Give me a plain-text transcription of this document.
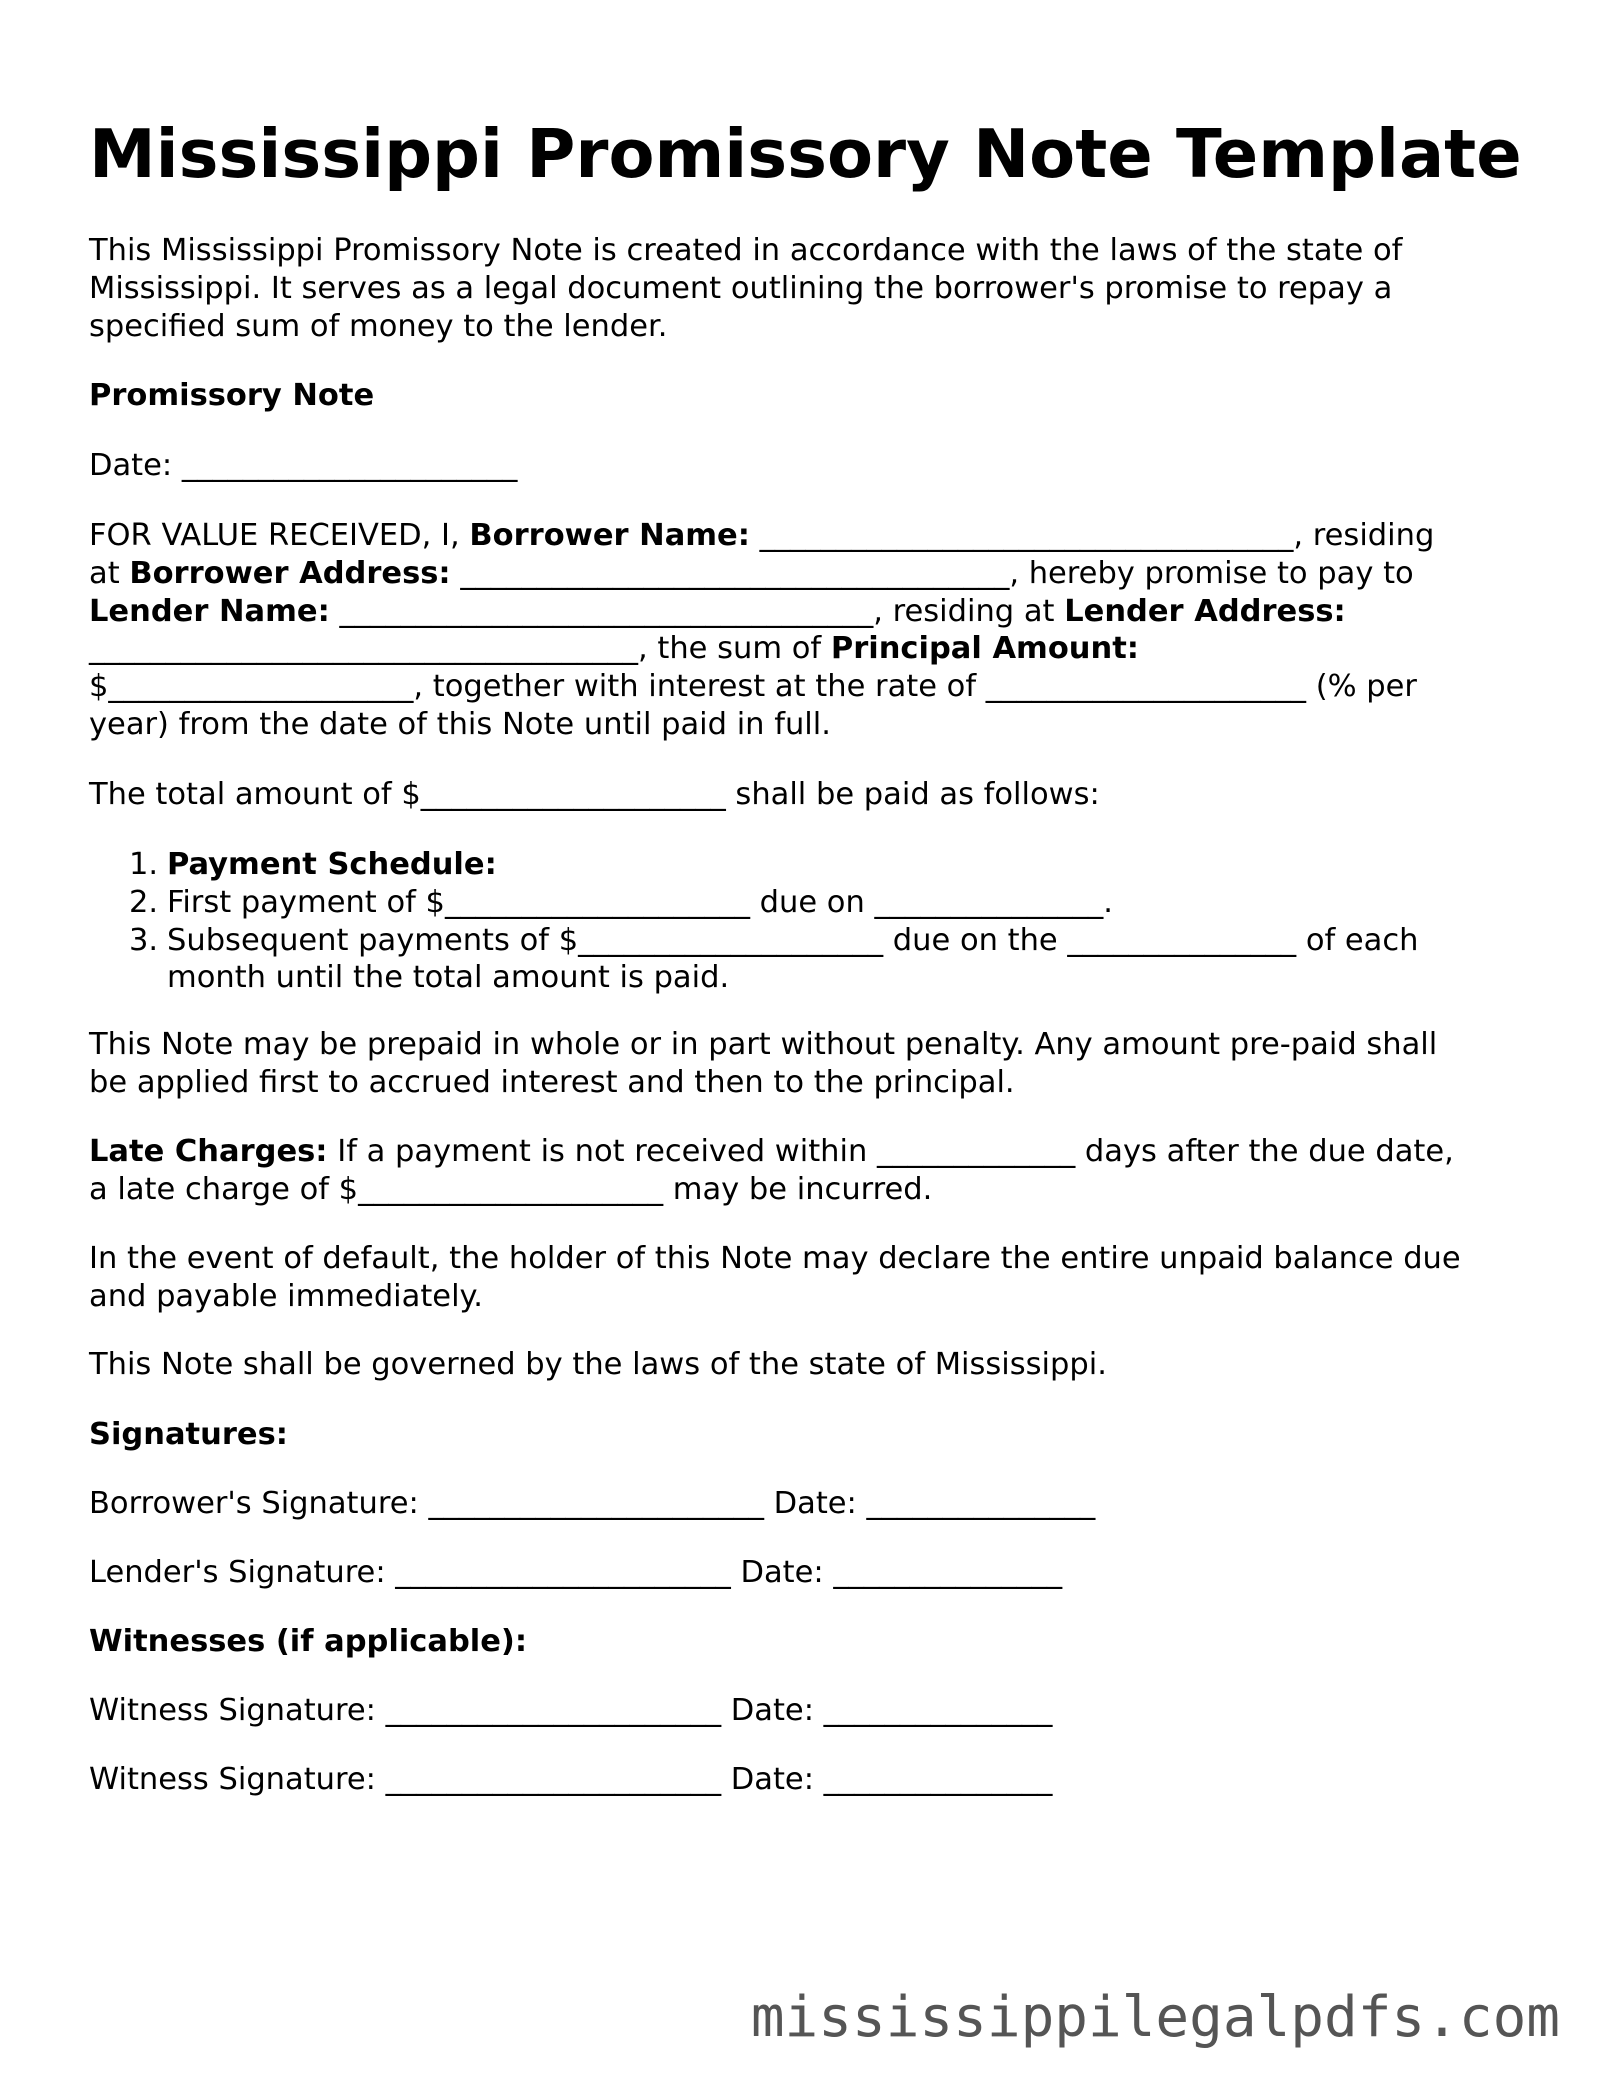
Mississippi Promissory Note Template
This Mississippi Promissory Note is created in accordance with the laws of the state of
Mississippi. It serves as a legal document outlining the borrower's promise to repay a
specified sum of money to the lender.
Promissory Note
Date: ______________________
FOR VALUE RECEIVED, I, Borrower Name: ___________________________________, residing
at Borrower Address: ____________________________________, hereby promise to pay to
Lender Name: ___________________________________, residing at Lender Address:
____________________________________, the sum of Principal Amount:
$____________________, together with interest at the rate of _____________________ (% per
year) from the date of this Note until paid in full.
The total amount of $____________________ shall be paid as follows:
1. Payment Schedule:
2. First payment of $____________________ due on _______________.
3. Subsequent payments of $____________________ due on the _______________ of each
month until the total amount is paid.
This Note may be prepaid in whole or in part without penalty. Any amount pre-paid shall
be applied first to accrued interest and then to the principal.
Late Charges: If a payment is not received within _____________ days after the due date,
a late charge of $____________________ may be incurred.
In the event of default, the holder of this Note may declare the entire unpaid balance due
and payable immediately.
This Note shall be governed by the laws of the state of Mississippi.
Signatures:
Borrower's Signature: ______________________ Date: _______________
Lender's Signature: ______________________ Date: _______________
Witnesses (if applicable):
Witness Signature: ______________________ Date: _______________
Witness Signature: ______________________ Date: _______________
mississippilegalpdfs.com
